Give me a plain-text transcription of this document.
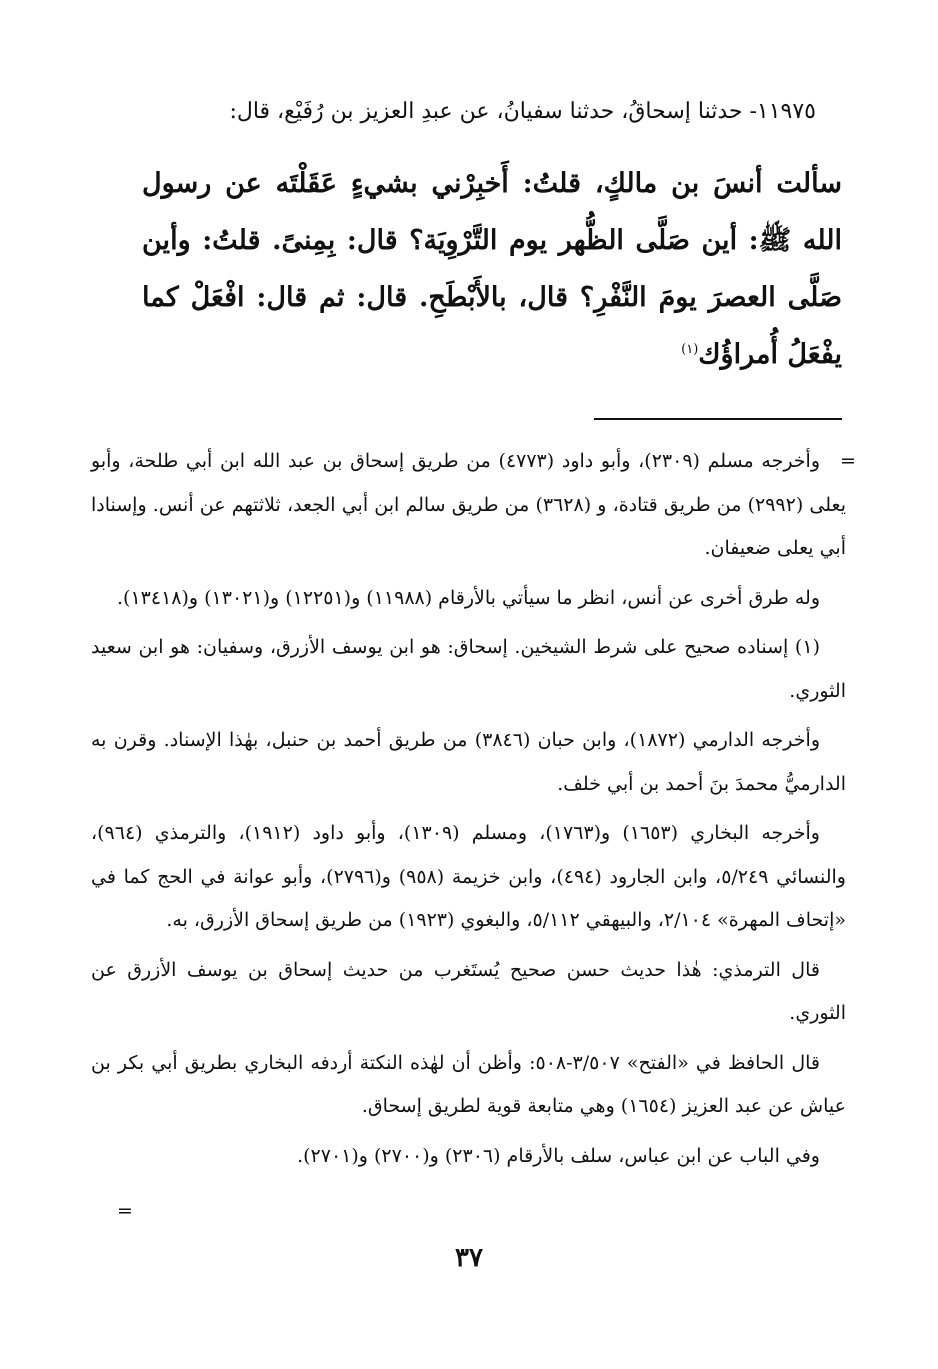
١١٩٧٥- حدثنا إسحاقُ، حدثنا سفيانُ، عن عبدِ العزيز بن رُفَيْع، قال:
سألت أنسَ بن مالكٍ، قلتُ: أَخبِرْني بشيءٍ عَقَلْتَه عن رسول الله ﷺ: أين صَلَّى الظُّهر يوم التَّرْوِيَة؟ قال: بِمِنىً. قلتُ: وأين صَلَّى العصرَ يومَ النَّفْرِ؟ قال، بالأَبْطَحِ. قال: ثم قال: افْعَلْ كما يفْعَلُ أُمراؤُك$^{(١)}$
=

وأخرجه مسلم (٢٣٠٩)، وأبو داود (٤٧٧٣) من طريق إسحاق بن عبد الله ابن أبي طلحة، وأبو يعلى (٢٩٩٢) من طريق قتادة، و (٣٦٢٨) من طريق سالم ابن أبي الجعد، ثلاثتهم عن أنس. وإسنادا أبي يعلى ضعيفان.

وله طرق أخرى عن أنس، انظر ما سيأتي بالأرقام (١١٩٨٨) و(١٢٢٥١) و(١٣٠٢١) و(١٣٤١٨).

(١) إسناده صحيح على شرط الشيخين. إسحاق: هو ابن يوسف الأزرق، وسفيان: هو ابن سعيد الثوري.

وأخرجه الدارمي (١٨٧٢)، وابن حبان (٣٨٤٦) من طريق أحمد بن حنبل، بهٰذا الإسناد. وقرن به الدارميُّ محمدَ بنَ أحمد بن أبي خلف.

وأخرجه البخاري (١٦٥٣) و(١٧٦٣)، ومسلم (١٣٠٩)، وأبو داود (١٩١٢)، والترمذي (٩٦٤)، والنسائي ٥/٢٤٩، وابن الجارود (٤٩٤)، وابن خزيمة (٩٥٨) و(٢٧٩٦)، وأبو عوانة في الحج كما في «إتحاف المهرة» ٢/١٠٤، والبيهقي ٥/١١٢، والبغوي (١٩٢٣) من طريق إسحاق الأزرق، به.

قال الترمذي: هٰذا حديث حسن صحيح يُستَغرب من حديث إسحاق بن يوسف الأزرق عن الثوري.

قال الحافظ في «الفتح» ٣/٥٠٧-٥٠٨: وأظن أن لهٰذه النكتة أردفه البخاري بطريق أبي بكر بن عياش عن عبد العزيز (١٦٥٤) وهي متابعة قوية لطريق إسحاق.

وفي الباب عن ابن عباس، سلف بالأرقام (٢٣٠٦) و(٢٧٠٠) و(٢٧٠١).

=
٣٧
